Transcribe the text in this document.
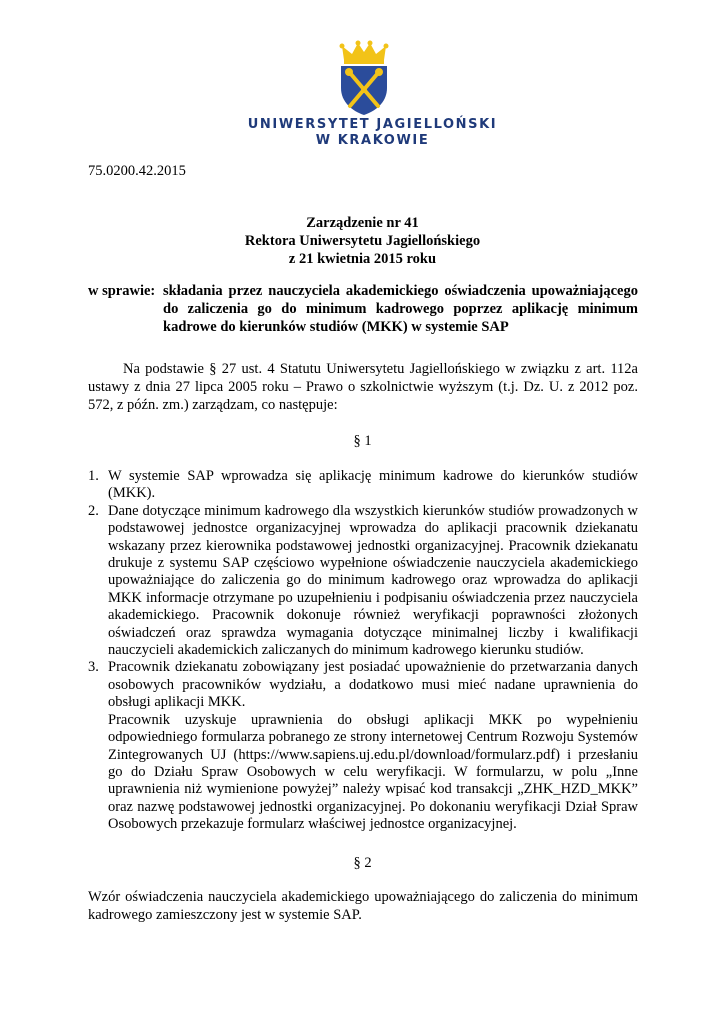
UNIWERSYTET JAGIELLOŃSKI
W KRAKOWIE
75.0200.42.2015
Zarządzenie nr 41
Rektora Uniwersytetu Jagiellońskiego
z 21 kwietnia 2015 roku
w sprawie: składania przez nauczyciela akademickiego oświadczenia upoważniającego do zaliczenia go do minimum kadrowego poprzez aplikację minimum kadrowe do kierunków studiów (MKK) w systemie SAP
Na podstawie § 27 ust. 4 Statutu Uniwersytetu Jagiellońskiego w związku z art. 112a ustawy z dnia 27 lipca 2005 roku – Prawo o szkolnictwie wyższym (t.j. Dz. U. z 2012 poz. 572, z późn. zm.) zarządzam, co następuje:
§ 1
1. W systemie SAP wprowadza się aplikację minimum kadrowe do kierunków studiów (MKK).

2. Dane dotyczące minimum kadrowego dla wszystkich kierunków studiów prowadzonych w podstawowej jednostce organizacyjnej wprowadza do aplikacji pracownik dziekanatu wskazany przez kierownika podstawowej jednostki organizacyjnej. Pracownik dziekanatu drukuje z systemu SAP częściowo wypełnione oświadczenie nauczyciela akademickiego upoważniające do zaliczenia go do minimum kadrowego oraz wprowadza do aplikacji MKK informacje otrzymane po uzupełnieniu i podpisaniu oświadczenia przez nauczyciela akademickiego. Pracownik dokonuje również weryfikacji poprawności złożonych oświadczeń oraz sprawdza wymagania dotyczące minimalnej liczby i kwalifikacji nauczycieli akademickich zaliczanych do minimum kadrowego kierunku studiów.

3. Pracownik dziekanatu zobowiązany jest posiadać upoważnienie do przetwarzania danych osobowych pracowników wydziału, a dodatkowo musi mieć nadane uprawnienia do obsługi aplikacji MKK.

Pracownik uzyskuje uprawnienia do obsługi aplikacji MKK po wypełnieniu odpowiedniego formularza pobranego ze strony internetowej Centrum Rozwoju Systemów Zintegrowanych UJ (https://www.sapiens.uj.edu.pl/download/formularz.pdf) i przesłaniu go do Działu Spraw Osobowych w celu weryfikacji. W formularzu, w polu „Inne uprawnienia niż wymienione powyżej” należy wpisać kod transakcji „ZHK_HZD_MKK” oraz nazwę podstawowej jednostki organizacyjnej. Po dokonaniu weryfikacji Dział Spraw Osobowych przekazuje formularz właściwej jednostce organizacyjnej.

§ 2
Wzór oświadczenia nauczyciela akademickiego upoważniającego do zaliczenia do minimum kadrowego zamieszczony jest w systemie SAP.
